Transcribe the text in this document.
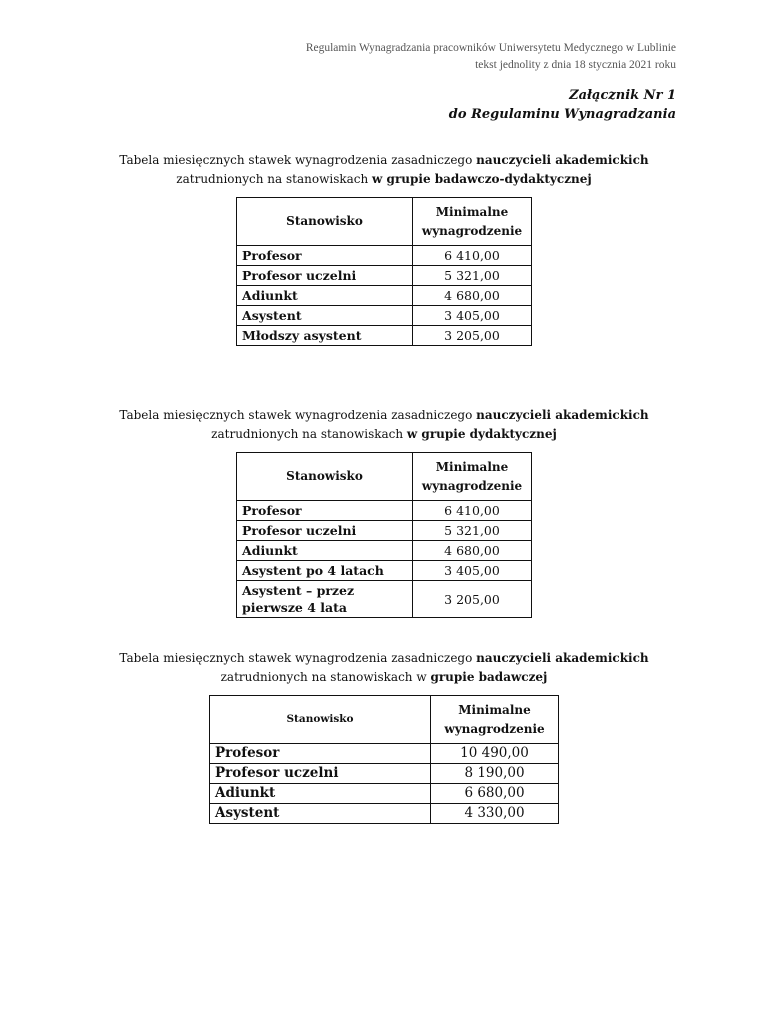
Regulamin Wynagradzania pracowników Uniwersytetu Medycznego w Lublinie
tekst jednolity z dnia 18 stycznia 2021 roku
Załącznik Nr 1
do Regulaminu Wynagradzania
Tabela miesięcznych stawek wynagrodzenia zasadniczego nauczycieli akademickich
zatrudnionych na stanowiskach w grupie badawczo-dydaktycznej
Stanowisko	Minimalne wynagrodzenie
Profesor	6 410,00
Profesor uczelni	5 321,00
Adiunkt	4 680,00
Asystent	3 405,00
Młodszy asystent	3 205,00
Tabela miesięcznych stawek wynagrodzenia zasadniczego nauczycieli akademickich
zatrudnionych na stanowiskach w grupie dydaktycznej
Stanowisko	Minimalne wynagrodzenie
Profesor	6 410,00
Profesor uczelni	5 321,00
Adiunkt	4 680,00
Asystent po 4 latach	3 405,00
Asystent – przez pierwsze 4 lata	3 205,00
Tabela miesięcznych stawek wynagrodzenia zasadniczego nauczycieli akademickich
zatrudnionych na stanowiskach w grupie badawczej
Stanowisko	Minimalne wynagrodzenie
Profesor	10 490,00
Profesor uczelni	8 190,00
Adiunkt	6 680,00
Asystent	4 330,00
